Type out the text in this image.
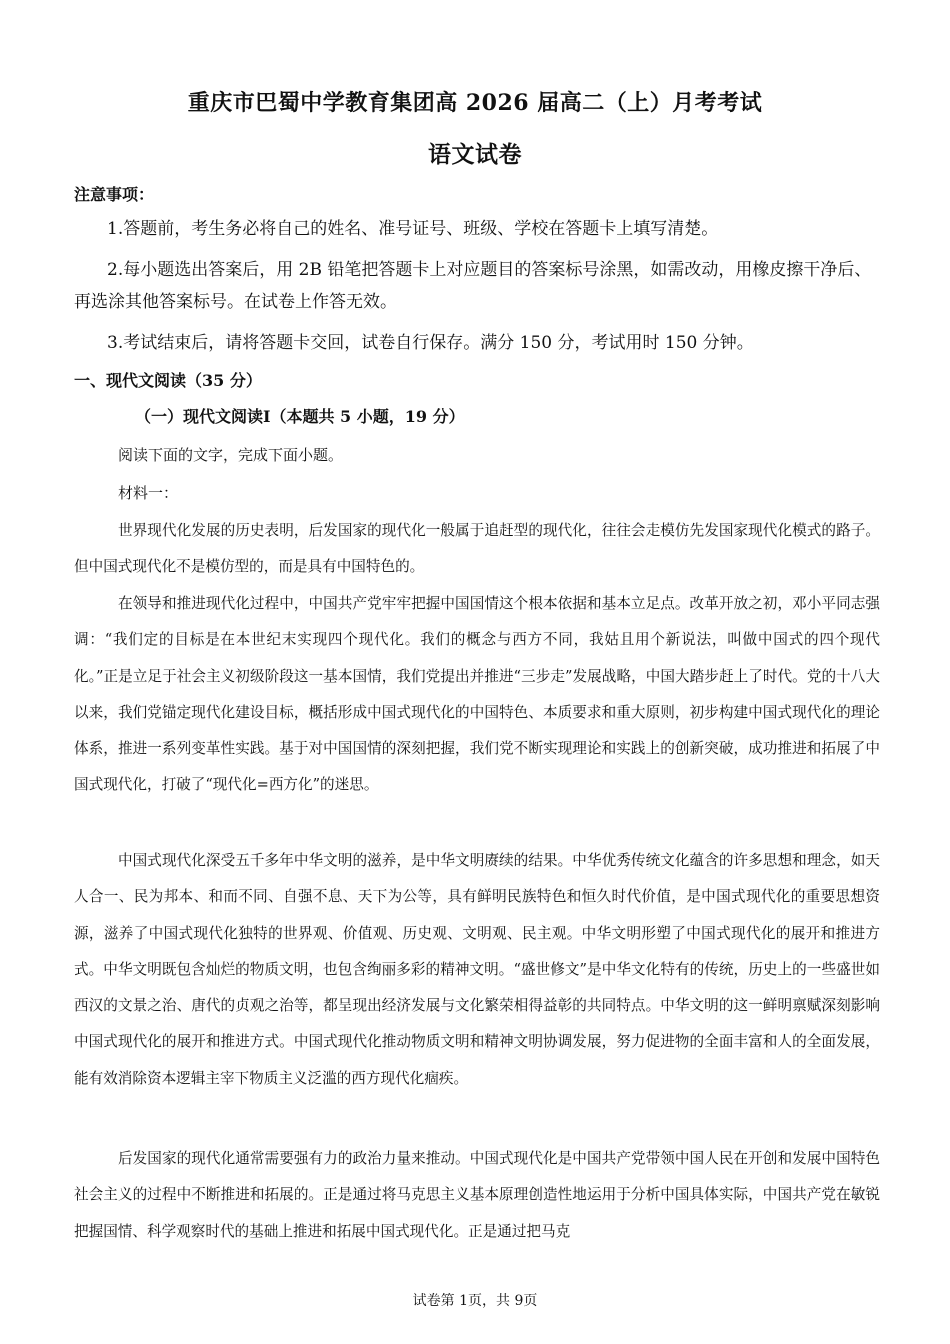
重庆市巴蜀中学教育集团高 2026 届高二（上）月考考试
语文试卷
注意事项：

1.答题前，考生务必将自己的姓名、准号证号、班级、学校在答题卡上填写清楚。

2.每小题选出答案后，用 2B 铅笔把答题卡上对应题目的答案标号涂黑，如需改动，用橡皮擦干净后、再选涂其他答案标号。在试卷上作答无效。

3.考试结束后，请将答题卡交回，试卷自行保存。满分 150 分，考试用时 150 分钟。

一、现代文阅读（35 分）
（一）现代文阅读I（本题共 5 小题，19 分）
阅读下面的文字，完成下面小题。
材料一：

世界现代化发展的历史表明，后发国家的现代化一般属于追赶型的现代化，往往会走模仿先发国家现代化模式的路子。但中国式现代化不是模仿型的，而是具有中国特色的。

在领导和推进现代化过程中，中国共产党牢牢把握中国国情这个根本依据和基本立足点。改革开放之初，邓小平同志强调：“我们定的目标是在本世纪末实现四个现代化。我们的概念与西方不同，我姑且用个新说法，叫做中国式的四个现代化。”正是立足于社会主义初级阶段这一基本国情，我们党提出并推进“三步走”发展战略，中国大踏步赶上了时代。党的十八大以来，我们党锚定现代化建设目标，概括形成中国式现代化的中国特色、本质要求和重大原则，初步构建中国式现代化的理论体系，推进一系列变革性实践。基于对中国国情的深刻把握，我们党不断实现理论和实践上的创新突破，成功推进和拓展了中国式现代化，打破了“现代化=西方化”的迷思。

中国式现代化深受五千多年中华文明的滋养，是中华文明赓续的结果。中华优秀传统文化蕴含的许多思想和理念，如天人合一、民为邦本、和而不同、自强不息、天下为公等，具有鲜明民族特色和恒久时代价值，是中国式现代化的重要思想资源，滋养了中国式现代化独特的世界观、价值观、历史观、文明观、民主观。中华文明形塑了中国式现代化的展开和推进方式。中华文明既包含灿烂的物质文明，也包含绚丽多彩的精神文明。“盛世修文”是中华文化特有的传统，历史上的一些盛世如西汉的文景之治、唐代的贞观之治等，都呈现出经济发展与文化繁荣相得益彰的共同特点。中华文明的这一鲜明禀赋深刻影响中国式现代化的展开和推进方式。中国式现代化推动物质文明和精神文明协调发展，努力促进物的全面丰富和人的全面发展，能有效消除资本逻辑主宰下物质主义泛滥的西方现代化痼疾。

后发国家的现代化通常需要强有力的政治力量来推动。中国式现代化是中国共产党带领中国人民在开创和发展中国特色社会主义的过程中不断推进和拓展的。正是通过将马克思主义基本原理创造性地运用于分析中国具体实际，中国共产党在敏锐把握国情、科学观察时代的基础上推进和拓展中国式现代化。正是通过把马克

试卷第 1页，共 9页
